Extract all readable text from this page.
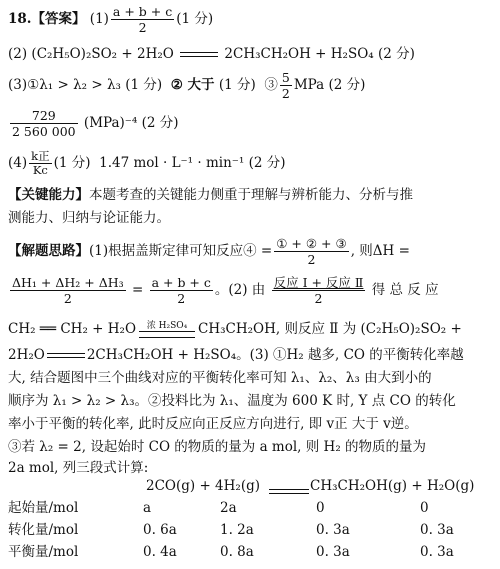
18.【答案】 $(1) \frac{a + b + c}{2} (1$ 分)
(2) (C₂H₅O)₂SO₂ + 2H₂O	2CH₃CH₂OH + H₂SO₄ (2 分)
(3)①λ₁ > λ₂ > λ₃ (1 分) ② 大于 (1 分) ③ $\frac{5}{2}$ MPa (2 分)
$\frac{729}{2 560 000} (MPa)^{-4}$ (2 分)
$(4) \frac{\text{k正}}{Kc} (1$ 分) 1.47 mol · L⁻¹ · min⁻¹ (2 分)
【关键能力】本题考查的关键能力侧重于理解与辨析能力、分析与推
测能力、归纳与论证能力。
【解题思路】(1)根据盖斯定律可知反应④ = $\frac{\text{① + ② + ③}}{2}$ , 则ΔH =
$\frac{\text{ΔH₁ + ΔH₂ + ΔH₃}}{2} = \frac{a + b + c}{2}$ 。(2) 由 $\frac{\text{反应 Ⅰ + 反应 Ⅱ}}{2}$ 得 总 反 应
CH₂ ══ CH₂ + H₂O	浓 H₂SO₄ CH₃CH₂OH, 则反应 Ⅱ 为 (C₂H₅O)₂SO₂ +
2H₂O	2CH₃CH₂OH + H₂SO₄。(3) ①H₂ 越多, CO 的平衡转化率越
大, 结合题图中三个曲线对应的平衡转化率可知 λ₁、λ₂、λ₃ 由大到小的
顺序为 λ₁ > λ₂ > λ₃。②投料比为 λ₁、温度为 600 K 时, Y 点 CO 的转化
率小于平衡的转化率, 此时反应向正反应方向进行, 即 v正 大于 v逆。
③若 λ₂ = 2, 设起始时 CO 的物质的量为 a mol, 则 H₂ 的物质的量为
2a mol, 列三段式计算:
2CO(g) + 4H₂(g)	CH₃CH₂OH(g) + H₂O(g)
起始量/mol	a	2a	0	0
转化量/mol	0. 6a	1. 2a	0. 3a	0. 3a
平衡量/mol	0. 4a	0. 8a	0. 3a	0. 3a
